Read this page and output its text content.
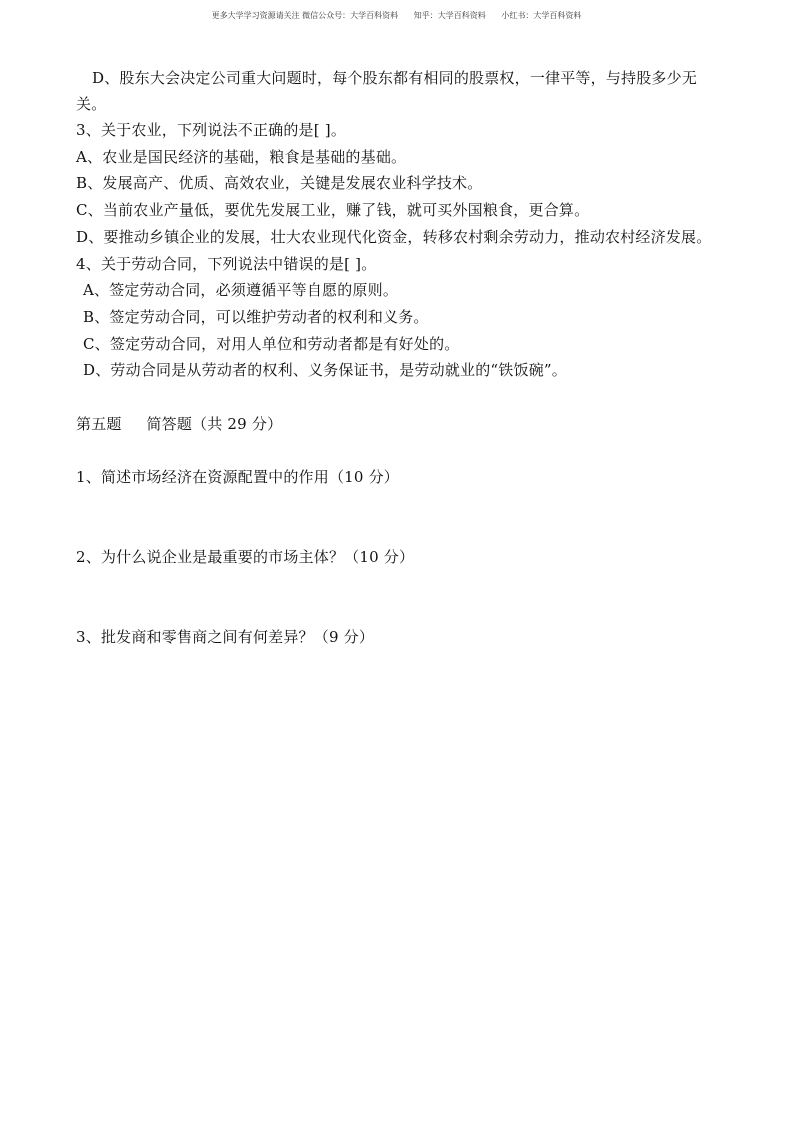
更多大学学习资源请关注 微信公众号：大学百科资料 知乎：大学百科资料 小红书：大学百科资料
D、股东大会决定公司重大问题时，每个股东都有相同的股票权，一律平等，与持股多少无
关。
3、关于农业，下列说法不正确的是[ ]。
A、农业是国民经济的基础，粮食是基础的基础。
B、发展高产、优质、高效农业，关键是发展农业科学技术。
C、当前农业产量低，要优先发展工业，赚了钱，就可买外国粮食，更合算。
D、要推动乡镇企业的发展，壮大农业现代化资金，转移农村剩余劳动力，推动农村经济发展。
4、关于劳动合同，下列说法中错误的是[ ]。
A、签定劳动合同，必须遵循平等自愿的原则。
B、签定劳动合同，可以维护劳动者的权利和义务。
C、签定劳动合同，对用人单位和劳动者都是有好处的。
D、劳动合同是从劳动者的权利、义务保证书，是劳动就业的“铁饭碗”。
第五题     简答题（共 29 分）
1、简述市场经济在资源配置中的作用（10 分）
2、为什么说企业是最重要的市场主体？（10 分）
3、批发商和零售商之间有何差异？（9 分）
